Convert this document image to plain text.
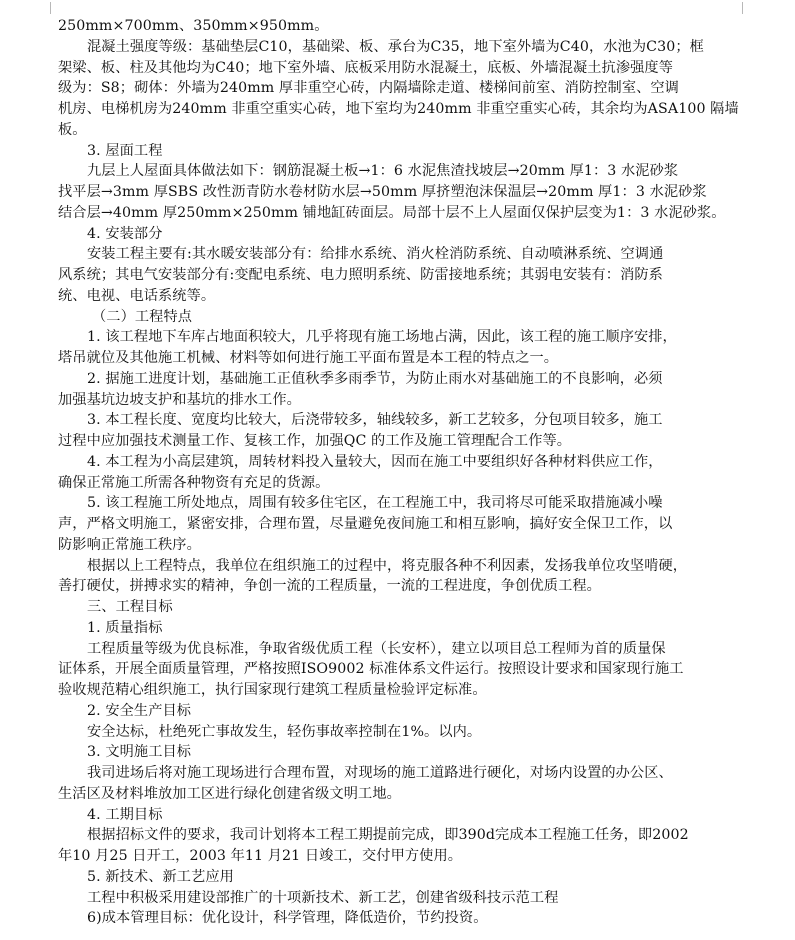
250mm×700mm、350mm×950mm。
混凝土强度等级：基础垫层C10，基础梁、板、承台为C35，地下室外墙为C40，水池为C30；框
架梁、板、柱及其他均为C40；地下室外墙、底板采用防水混凝土，底板、外墙混凝土抗渗强度等
级为：S8；砌体：外墙为240mm 厚非重空心砖，内隔墙除走道、楼梯间前室、消防控制室、空调
机房、电梯机房为240mm 非重空重实心砖，地下室均为240mm 非重空重实心砖，其余均为ASA100 隔墙
板。
3. 屋面工程
九层上人屋面具体做法如下：钢筋混凝土板→1：6 水泥焦渣找坡层→20mm 厚1：3 水泥砂浆
找平层→3mm 厚SBS 改性沥青防水卷材防水层→50mm 厚挤塑泡沫保温层→20mm 厚1：3 水泥砂浆
结合层→40mm 厚250mm×250mm 铺地缸砖面层。局部十层不上人屋面仅保护层变为1：3 水泥砂浆。
4. 安装部分
安装工程主要有:其水暖安装部分有：给排水系统、消火栓消防系统、自动喷淋系统、空调通
风系统；其电气安装部分有:变配电系统、电力照明系统、防雷接地系统；其弱电安装有：消防系
统、电视、电话系统等。
（二）工程特点
1. 该工程地下车库占地面积较大，几乎将现有施工场地占满，因此，该工程的施工顺序安排，
塔吊就位及其他施工机械、材料等如何进行施工平面布置是本工程的特点之一。
2. 据施工进度计划，基础施工正值秋季多雨季节，为防止雨水对基础施工的不良影响，必须
加强基坑边坡支护和基坑的排水工作。
3. 本工程长度、宽度均比较大，后浇带较多，轴线较多，新工艺较多，分包项目较多，施工
过程中应加强技术测量工作、复核工作，加强QC 的工作及施工管理配合工作等。
4. 本工程为小高层建筑，周转材料投入量较大，因而在施工中要组织好各种材料供应工作，
确保正常施工所需各种物资有充足的货源。
5. 该工程施工所处地点，周围有较多住宅区，在工程施工中，我司将尽可能采取措施减小噪
声，严格文明施工，紧密安排，合理布置，尽量避免夜间施工和相互影响，搞好安全保卫工作，以
防影响正常施工秩序。
根据以上工程特点，我单位在组织施工的过程中，将克服各种不利因素，发扬我单位攻坚啃硬，
善打硬仗，拼搏求实的精神，争创一流的工程质量，一流的工程进度，争创优质工程。
三、工程目标
1. 质量指标
工程质量等级为优良标准，争取省级优质工程（长安杯），建立以项目总工程师为首的质量保
证体系，开展全面质量管理，严格按照ISO9002 标准体系文件运行。按照设计要求和国家现行施工
验收规范精心组织施工，执行国家现行建筑工程质量检验评定标准。
2. 安全生产目标
安全达标，杜绝死亡事故发生，轻伤事故率控制在1%。以内。
3. 文明施工目标
我司进场后将对施工现场进行合理布置，对现场的施工道路进行硬化，对场内设置的办公区、
生活区及材料堆放加工区进行绿化创建省级文明工地。
4. 工期目标
根据招标文件的要求，我司计划将本工程工期提前完成，即390d完成本工程施工任务，即2002
年10 月25 日开工，2003 年11 月21 日竣工，交付甲方使用。
5. 新技术、新工艺应用
工程中积极采用建设部推广的十项新技术、新工艺，创建省级科技示范工程
6)成本管理目标：优化设计，科学管理，降低造价，节约投资。
